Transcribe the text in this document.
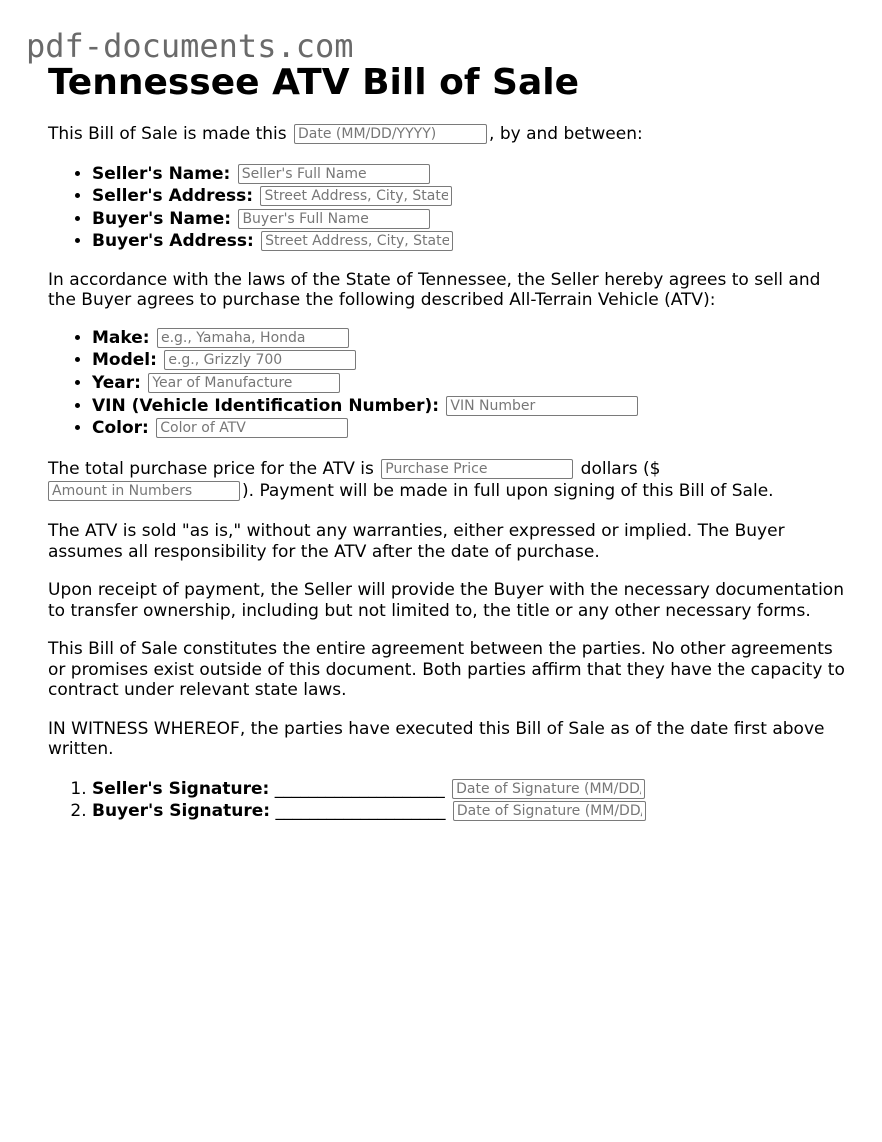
pdf-documents.com
Tennessee ATV Bill of Sale

This Bill of Sale is made this Date (MM/DD/YYYY)	, by and between:

• Seller's Name: Seller's Full Name
• Seller's Address: Street Address, City, State
• Buyer's Name: Buyer's Full Name
• Buyer's Address: Street Address, City, State

In accordance with the laws of the State of Tennessee, the Seller hereby agrees to sell and the Buyer agrees to purchase the following described All-Terrain Vehicle (ATV):

• Make: e.g., Yamaha, Honda
• Model: e.g., Grizzly 700
• Year: Year of Manufacture
• VIN (Vehicle Identification Number): VIN Number
• Color: Color of ATV

The total purchase price for the ATV is Purchase Price	dollars ($
Amount in Numbers). Payment will be made in full upon signing of this Bill of Sale.

The ATV is sold "as is," without any warranties, either expressed or implied. The Buyer assumes all responsibility for the ATV after the date of purchase.

Upon receipt of payment, the Seller will provide the Buyer with the necessary documentation to transfer ownership, including but not limited to, the title or any other necessary forms.

This Bill of Sale constitutes the entire agreement between the parties. No other agreements or promises exist outside of this document. Both parties affirm that they have the capacity to contract under relevant state laws.

IN WITNESS WHEREOF, the parties have executed this Bill of Sale as of the date first above written.

1. Seller's Signature: ____________________ Date of Signature (MM/DD/YYYY)
2. Buyer's Signature: ____________________ Date of Signature (MM/DD/YYYY)
